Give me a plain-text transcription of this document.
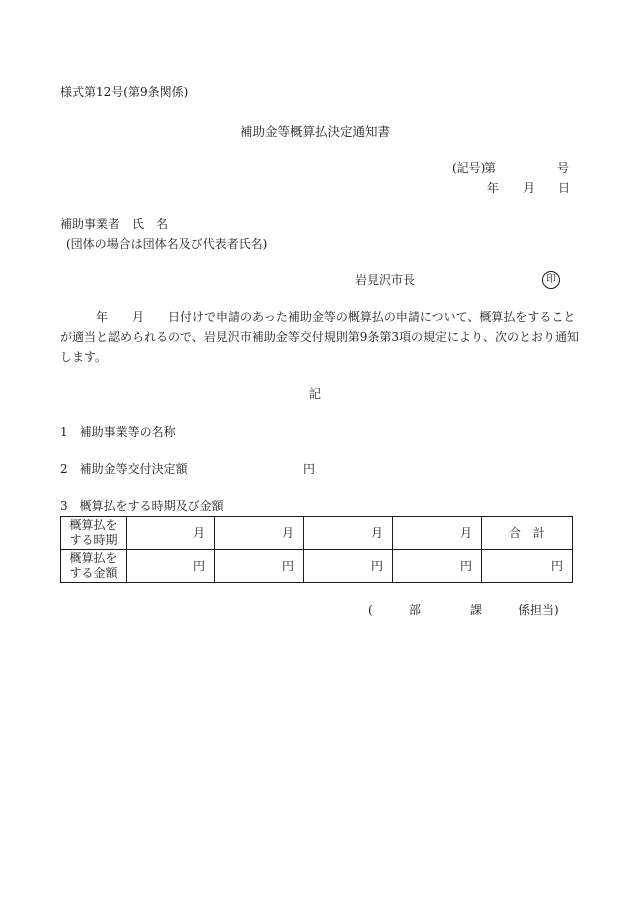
様式第12号(第9条関係)
補助金等概算払決定通知書
(記号)
第	号
年 月 日
補助事業者　氏　名
(団体の場合は団体名及び代表者氏名)
岩見沢市長	印
　　　年　　月　　日付けで申請のあった補助金等の概算払の申請について、概算払をすること
が適当と認められるので、岩見沢市補助金等交付規則第9条第3項の規定により、次のとおり通知
します。
記
1　補助事業等の名称
2　補助金等交付決定額	円
3　概算払をする時期及び金額
概算払を
する時期	月	月	月	月	合　計
概算払を
する金額	円	円	円	円	円
(	部	課	係担当)
